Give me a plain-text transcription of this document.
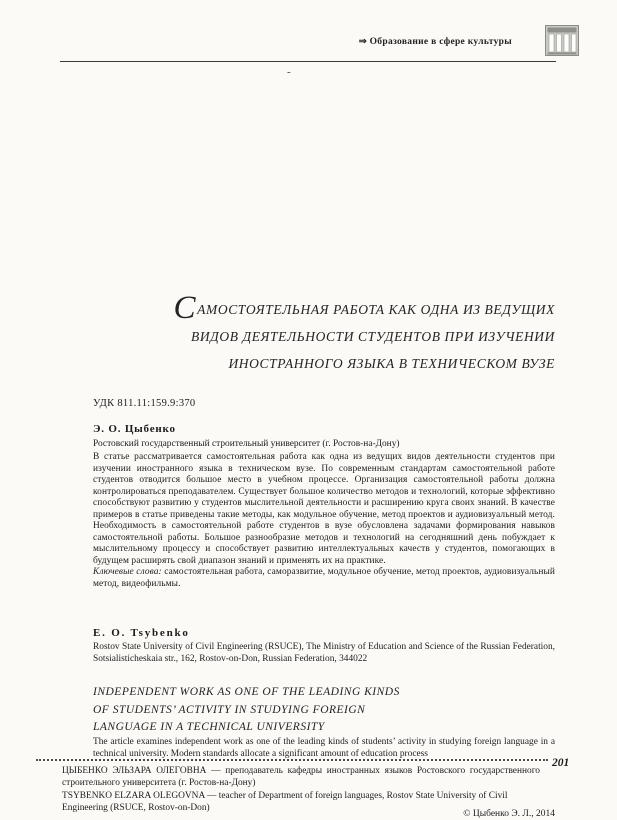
⇒ Образование в сфере культуры
-
САМОСТОЯТЕЛЬНАЯ РАБОТА КАК ОДНА ИЗ ВЕДУЩИХ
ВИДОВ ДЕЯТЕЛЬНОСТИ СТУДЕНТОВ ПРИ ИЗУЧЕНИИ
ИНОСТРАННОГО ЯЗЫКА В ТЕХНИЧЕСКОМ ВУЗЕ
УДК 811.11:159.9:370
Э. О. Цыбенко
Ростовский государственный строительный университет (г. Ростов-на-Дону)

В статье рассматривается самостоятельная работа как одна из ведущих видов деятельности студентов при изучении иностранного языка в техническом вузе. По современным стандартам самостоятельной работе студентов отводится большое место в учебном процессе. Организация самостоятельной работы должна контролироваться преподавателем. Существует большое количество методов и технологий, которые эффективно способствуют развитию у студентов мыслительной деятельности и расширению круга своих знаний. В качестве примеров в статье приведены такие методы, как модульное обучение, метод проектов и аудиовизуальный метод. Необходимость в самостоятельной работе студентов в вузе обусловлена задачами формирования навыков самостоятельной работы. Большое разнообразие методов и технологий на сегодняшний день побуждает к мыслительному процессу и способствует развитию интеллектуальных качеств у студентов, помогающих в будущем расширять свой диапазон знаний и применять их на практике.

Ключевые слова: самостоятельная работа, саморазвитие, модульное обучение, метод проектов, аудиовизуальный метод, видеофильмы.

E. O. Tsybenko
Rostov State University of Civil Engineering (RSUCE), The Ministry of Education and Science of the Russian Federation, Sotsialisticheskaia str., 162, Rostov-on-Don, Russian Federation, 344022
INDEPENDENT WORK AS ONE OF THE LEADING KINDS
OF STUDENTS’ ACTIVITY IN STUDYING FOREIGN
LANGUAGE IN A TECHNICAL UNIVERSITY
The article examines independent work as one of the leading kinds of students’ activity in studying foreign language in a technical university. Modern standards allocate a significant amount of education process
201
ЦЫБЕНКО ЭЛЬЗАРА ОЛЕГОВНА — преподаватель кафедры иностранных языков Ростовского государственного строительного университета (г. Ростов-на-Дону)
TSYBENKO ELZARA OLEGOVNA — teacher of Department of foreign languages, Rostov State University of Civil Engineering (RSUCE, Rostov-on-Don)
© Цыбенко Э. Л., 2014
